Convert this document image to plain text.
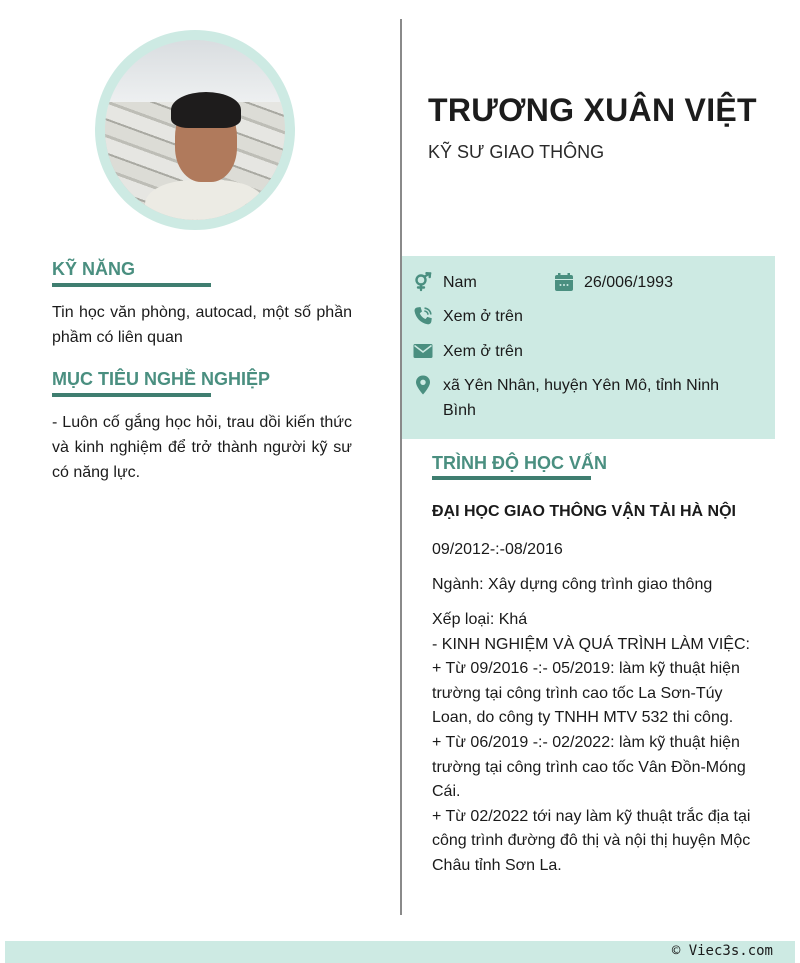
KỸ NĂNG
Tin học văn phòng, autocad, một số phần phầm có liên quan
MỤC TIÊU NGHỀ NGHIỆP
- Luôn cố gắng học hỏi, trau dồi kiến thức và kinh nghiệm để trở thành người kỹ sư có năng lực.
TRƯƠNG XUÂN VIỆT
KỸ SƯ GIAO THÔNG
Nam	26/006/1993
Xem ở trên
Xem ở trên
xã Yên Nhân, huyện Yên Mô, tỉnh Ninh Bình
TRÌNH ĐỘ HỌC VẤN
ĐẠI HỌC GIAO THÔNG VẬN TẢI HÀ NỘI
09/2012-:-08/2016
Ngành: Xây dựng công trình giao thông
Xếp loại: Khá
- KINH NGHIỆM VÀ QUÁ TRÌNH LÀM VIỆC:
+ Từ 09/2016 -:- 05/2019: làm kỹ thuật hiện trường tại công trình cao tốc La Sơn-Túy Loan, do công ty TNHH MTV 532 thi công.
+ Từ 06/2019 -:- 02/2022: làm kỹ thuật hiện trường tại công trình cao tốc Vân Đồn-Móng Cái.
+ Từ 02/2022 tới nay làm kỹ thuật trắc địa tại công trình đường đô thị và nội thị huyện Mộc Châu tỉnh Sơn La.
© Viec3s.com
